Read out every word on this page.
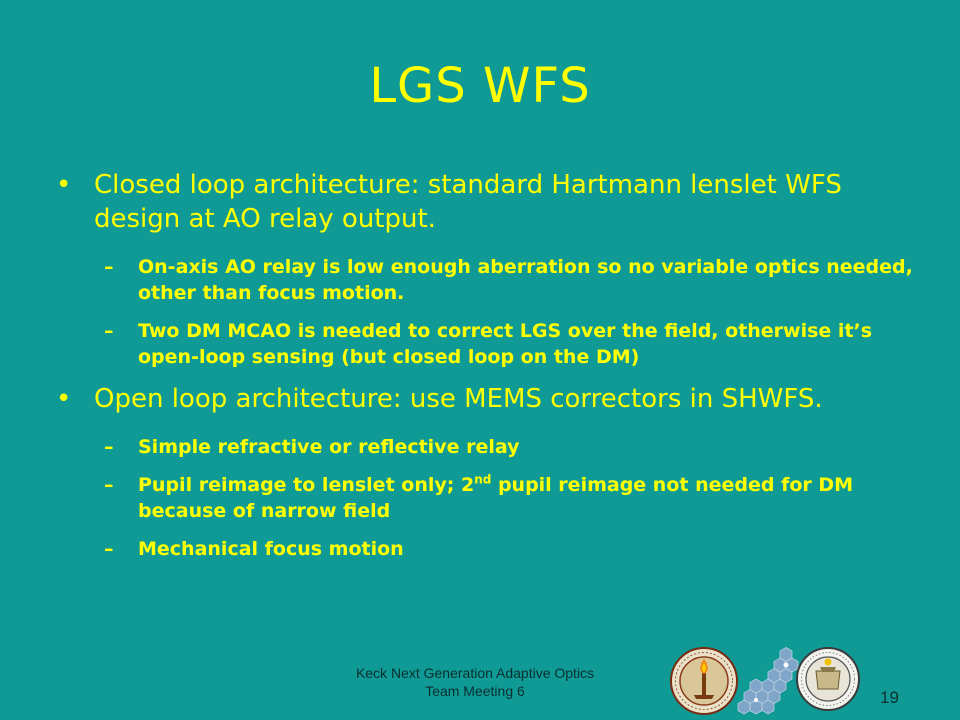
LGS WFS
• Closed loop architecture: standard Hartmann lenslet WFS design at AO relay output.
– On-axis AO relay is low enough aberration so no variable optics needed, other than focus motion.
– Two DM MCAO is needed to correct LGS over the field, otherwise it’s open-loop sensing (but closed loop on the DM)
• Open loop architecture: use MEMS correctors in SHWFS.
– Simple refractive or reflective relay
– Pupil reimage to lenslet only; 2nd pupil reimage not needed for DM because of narrow field
– Mechanical focus motion
Keck Next Generation Adaptive Optics
Team Meeting 6	19
